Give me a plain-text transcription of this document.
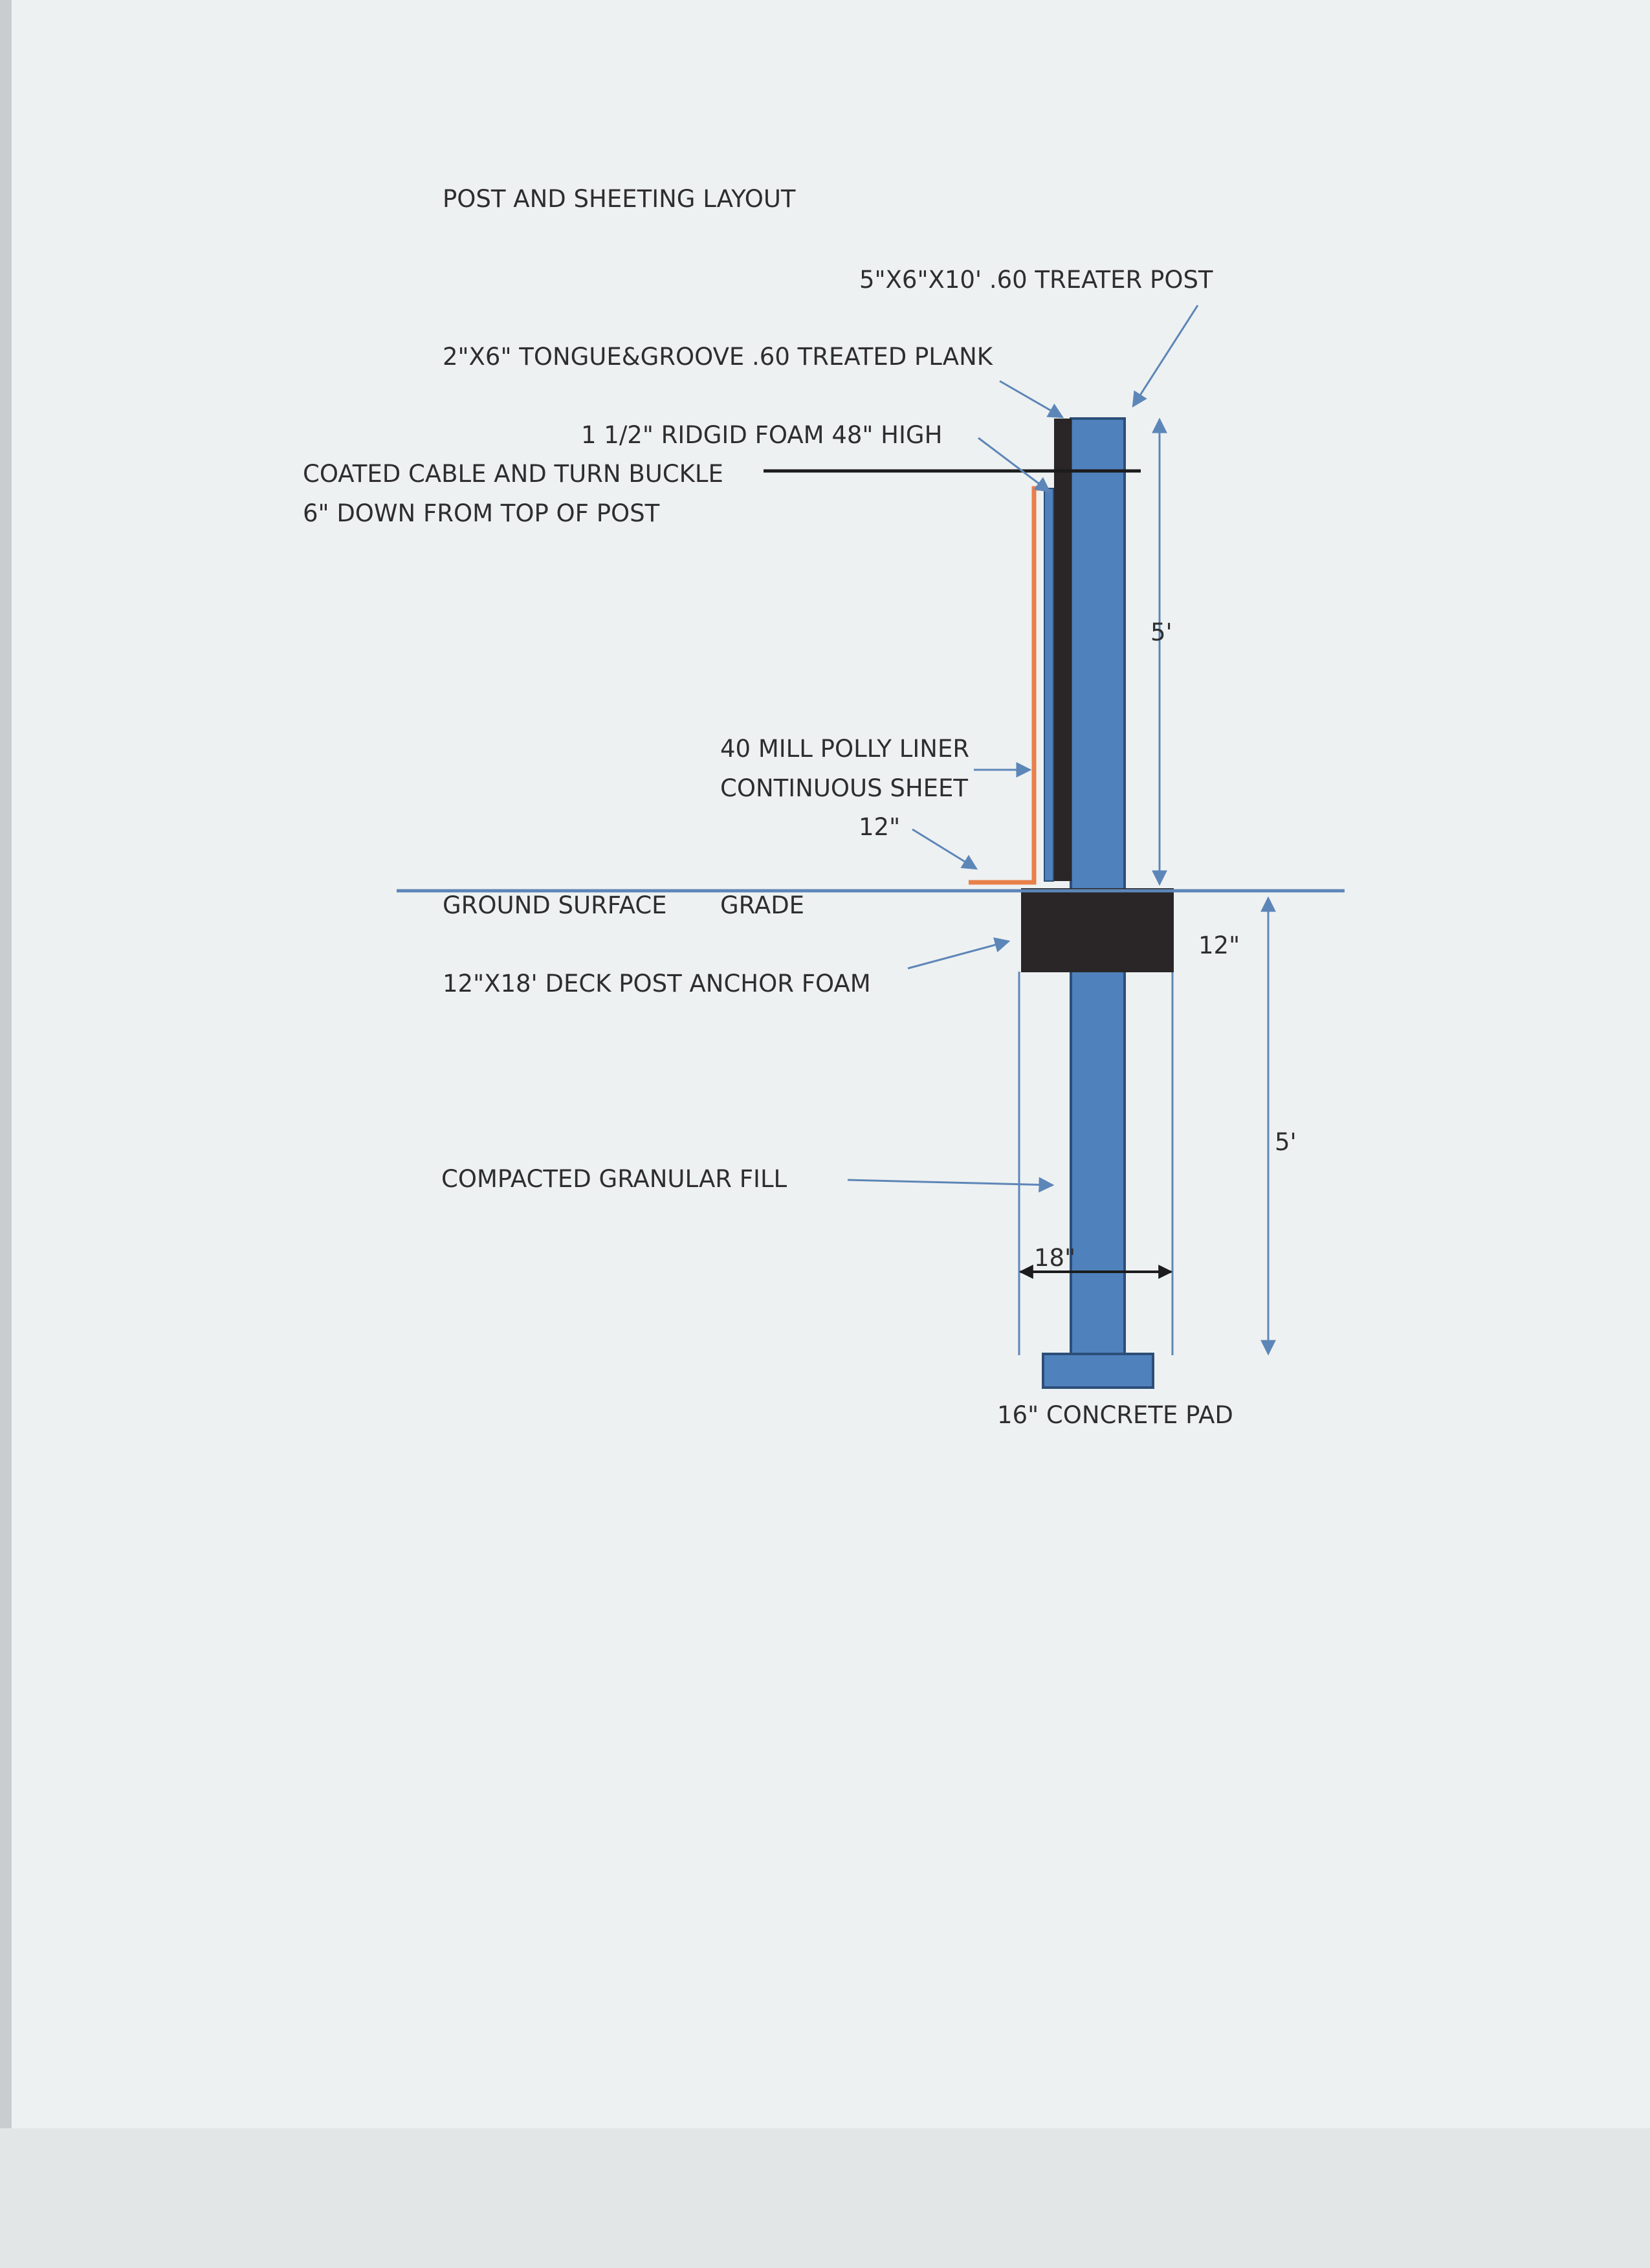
POST AND SHEETING LAYOUT
5"X6"X10' .60 TREATER POST
2"X6" TONGUE&GROOVE .60 TREATED PLANK
1 1/2" RIDGID FOAM 48" HIGH
COATED CABLE AND TURN BUCKLE
6" DOWN FROM TOP OF POST
40 MILL POLLY LINER
CONTINUOUS SHEET
12"
GROUND SURFACE GRADE
12"X18' DECK POST ANCHOR FOAM
COMPACTED GRANULAR FILL
16" CONCRETE PAD
5'
12"
5'
18"
